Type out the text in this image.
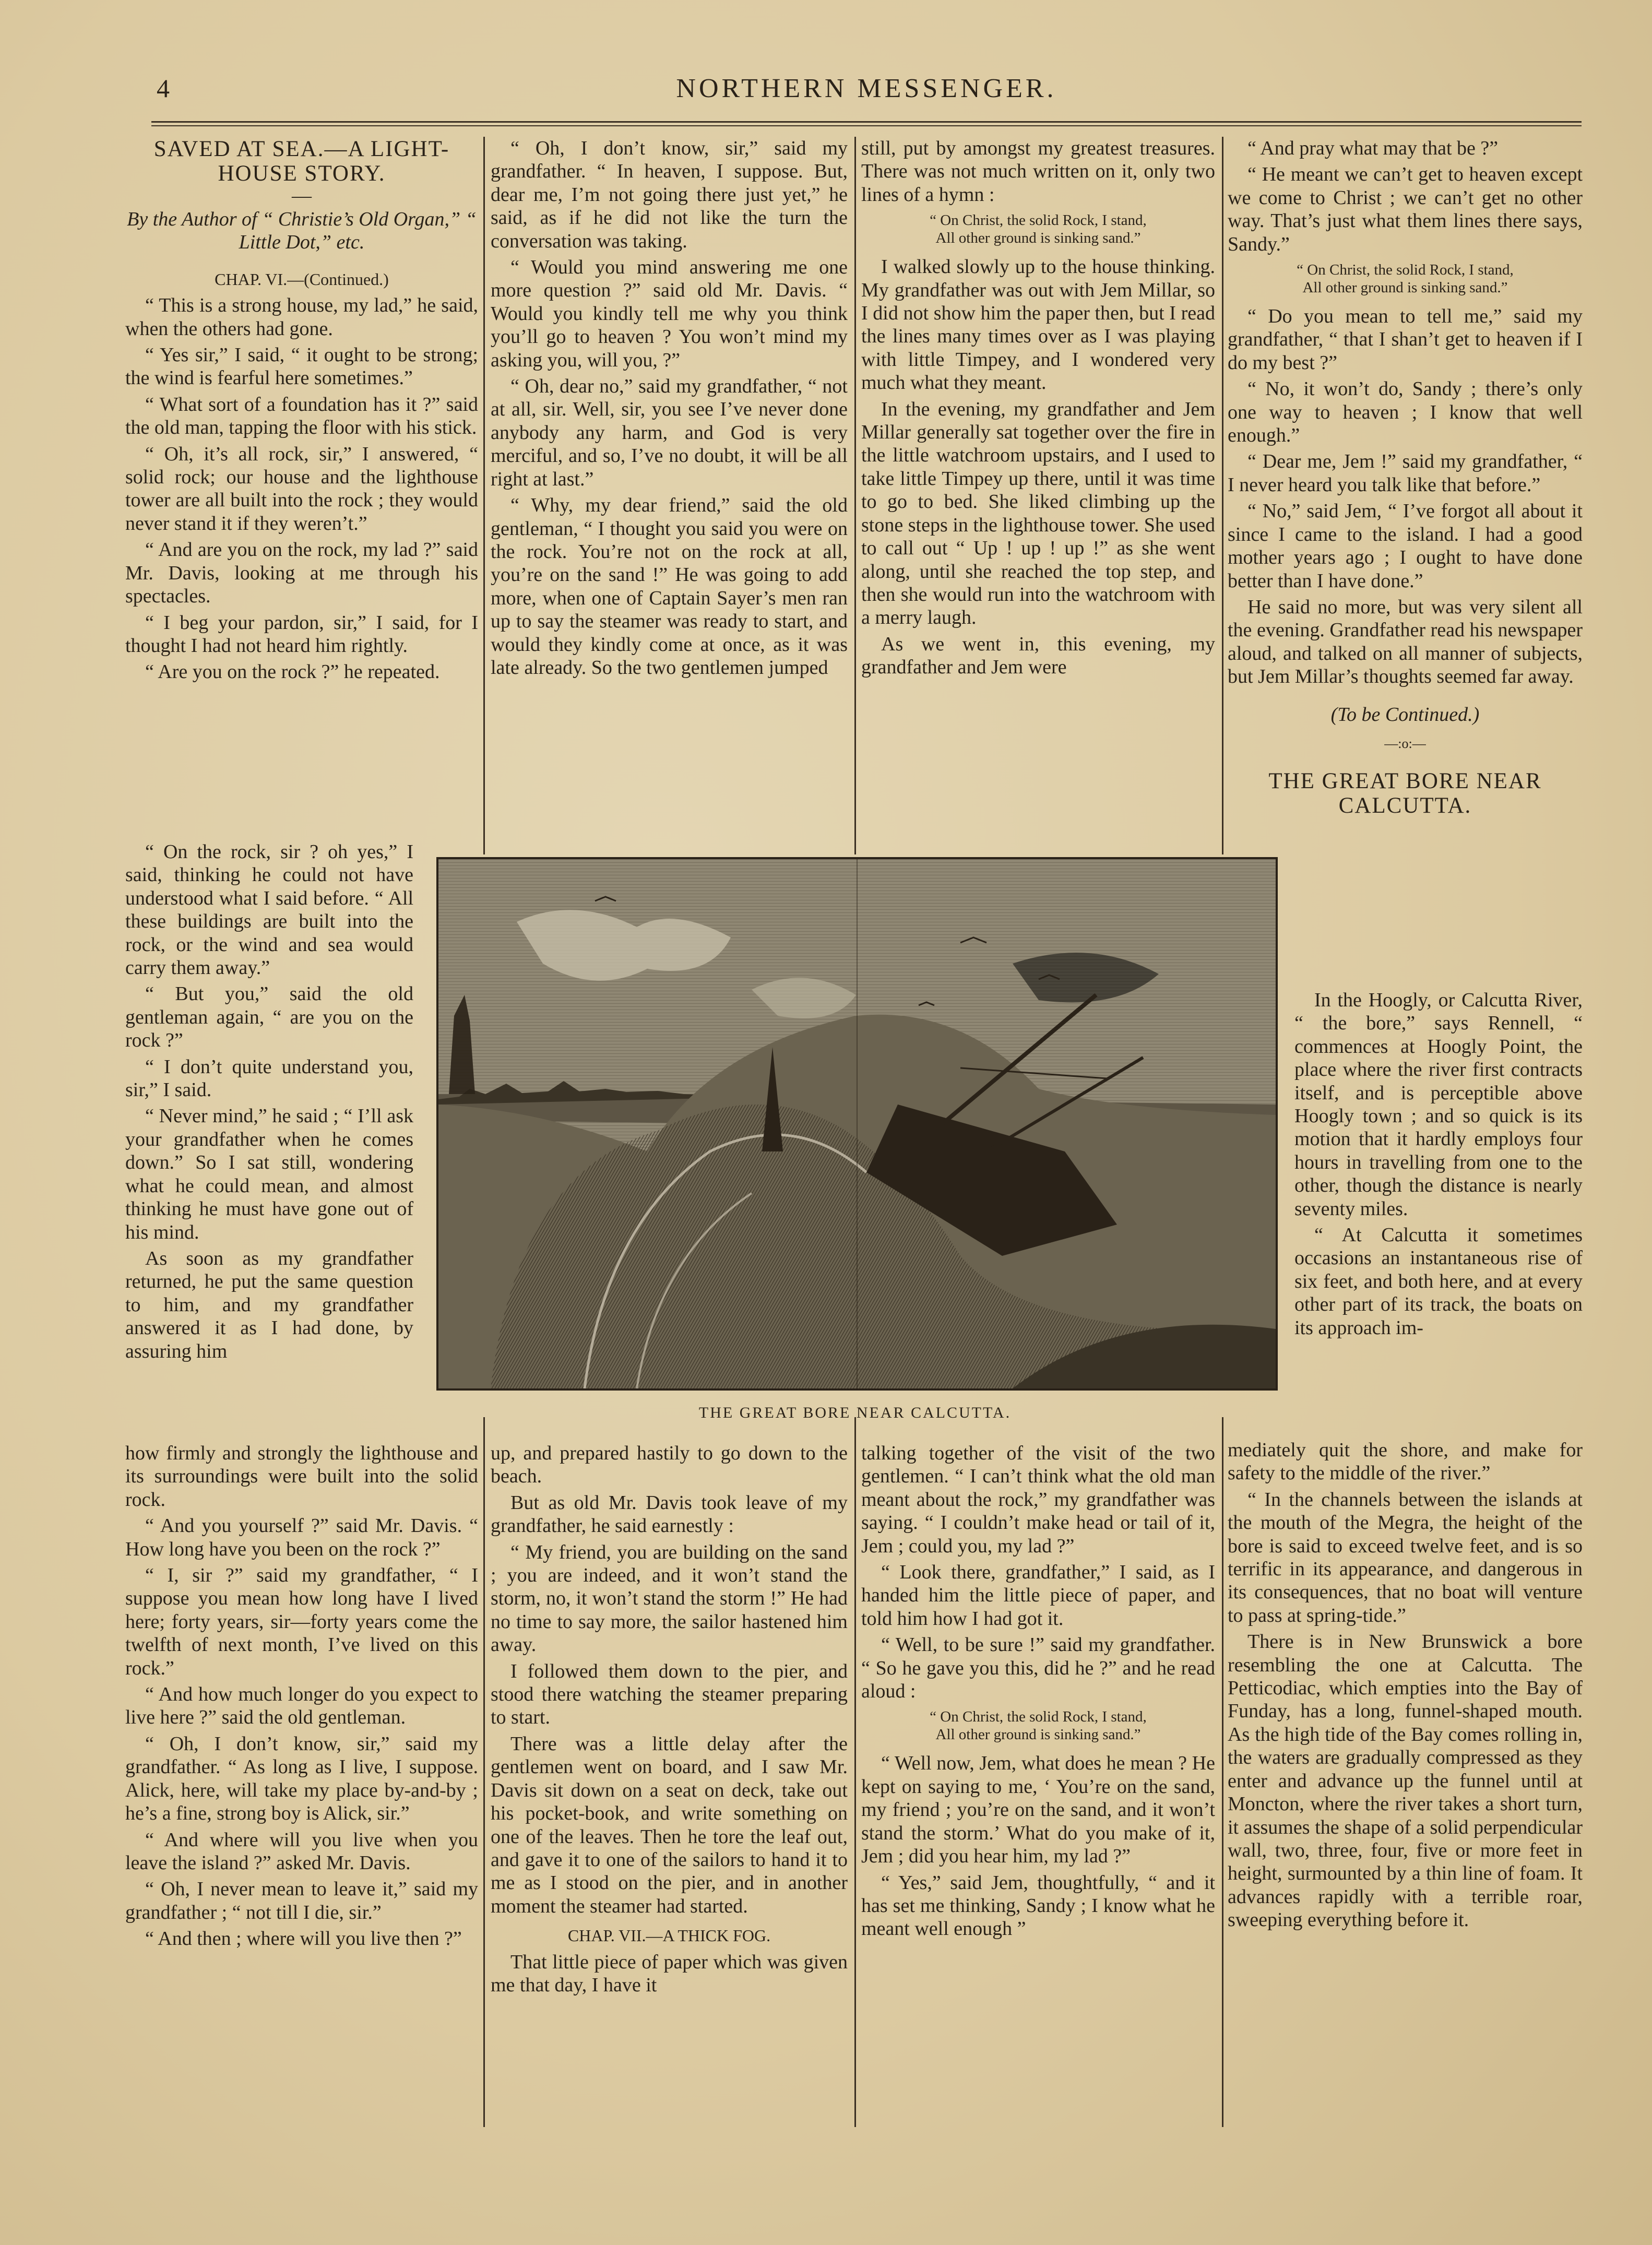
4	NORTHERN MESSENGER.

SAVED AT SEA.—A LIGHT-HOUSE STORY.

—

By the Author of “ Christie’s Old Organ,” “ Little Dot,” etc.

CHAP. VI.—(Continued.)

“ This is a strong house, my lad,” he said, when the others had gone.

“ Yes sir,” I said, “ it ought to be strong; the wind is fearful here sometimes.”

“ What sort of a foundation has it ?” said the old man, tapping the floor with his stick.

“ Oh, it’s all rock, sir,” I answered, “ solid rock; our house and the lighthouse tower are all built into the rock ; they would never stand it if they weren’t.”

“ And are you on the rock, my lad ?” said Mr. Davis, looking at me through his spectacles.

“ I beg your pardon, sir,” I said, for I thought I had not heard him rightly.

“ Are you on the rock ?” he repeated.

“ On the rock, sir ? oh yes,” I said, thinking he could not have understood what I said before. “ All these buildings are built into the rock, or the wind and sea would carry them away.”

“ But you,” said the old gentleman again, “ are you on the rock ?”

“ I don’t quite understand you, sir,” I said.

“ Never mind,” he said ; “ I’ll ask your grandfather when he comes down.” So I sat still, wondering what he could mean, and almost thinking he must have gone out of his mind.

As soon as my grandfather returned, he put the same question to him, and my grandfather answered it as I had done, by assuring him

how firmly and strongly the lighthouse and its surroundings were built into the solid rock.

“ And you yourself ?” said Mr. Davis. “ How long have you been on the rock ?”

“ I, sir ?” said my grandfather, “ I suppose you mean how long have I lived here; forty years, sir—forty years come the twelfth of next month, I’ve lived on this rock.”

“ And how much longer do you expect to live here ?” said the old gentleman.

“ Oh, I don’t know, sir,” said my grandfather. “ As long as I live, I suppose. Alick, here, will take my place by-and-by ; he’s a fine, strong boy is Alick, sir.”

“ And where will you live when you leave the island ?” asked Mr. Davis.

“ Oh, I never mean to leave it,” said my grandfather ; “ not till I die, sir.”

“ And then ; where will you live then ?”

“ Oh, I don’t know, sir,” said my grandfather. “ In heaven, I suppose. But, dear me, I’m not going there just yet,” he said, as if he did not like the turn the conversation was taking.

“ Would you mind answering me one more question ?” said old Mr. Davis. “ Would you kindly tell me why you think you’ll go to heaven ? You won’t mind my asking you, will you, ?”

“ Oh, dear no,” said my grandfather, “ not at all, sir. Well, sir, you see I’ve never done anybody any harm, and God is very merciful, and so, I’ve no doubt, it will be all right at last.”

“ Why, my dear friend,” said the old gentleman, “ I thought you said you were on the rock. You’re not on the rock at all, you’re on the sand !” He was going to add more, when one of Captain Sayer’s men ran up to say the steamer was ready to start, and would they kindly come at once, as it was late already. So the two gentlemen jumped

up, and prepared hastily to go down to the beach.

But as old Mr. Davis took leave of my grandfather, he said earnestly :

“ My friend, you are building on the sand ; you are indeed, and it won’t stand the storm, no, it won’t stand the storm !” He had no time to say more, the sailor hastened him away.

I followed them down to the pier, and stood there watching the steamer preparing to start.

There was a little delay after the gentlemen went on board, and I saw Mr. Davis sit down on a seat on deck, take out his pocket-book, and write something on one of the leaves. Then he tore the leaf out, and gave it to one of the sailors to hand it to me as I stood on the pier, and in another moment the steamer had started.

CHAP. VII.—A THICK FOG.

That little piece of paper which was given me that day, I have it

still, put by amongst my greatest treasures. There was not much written on it, only two lines of a hymn :

“ On Christ, the solid Rock, I stand,
All other ground is sinking sand.”

I walked slowly up to the house thinking. My grandfather was out with Jem Millar, so I did not show him the paper then, but I read the lines many times over as I was playing with little Timpey, and I wondered very much what they meant.

In the evening, my grandfather and Jem Millar generally sat together over the fire in the little watchroom upstairs, and I used to take little Timpey up there, until it was time to go to bed. She liked climbing up the stone steps in the lighthouse tower. She used to call out “ Up ! up ! up !” as she went along, until she reached the top step, and then she would run into the watchroom with a merry laugh.

As we went in, this evening, my grandfather and Jem were

talking together of the visit of the two gentlemen. “ I can’t think what the old man meant about the rock,” my grandfather was saying. “ I couldn’t make head or tail of it, Jem ; could you, my lad ?”

“ Look there, grandfather,” I said, as I handed him the little piece of paper, and told him how I had got it.

“ Well, to be sure !” said my grandfather. “ So he gave you this, did he ?” and he read aloud :

“ On Christ, the solid Rock, I stand,
All other ground is sinking sand.”

“ Well now, Jem, what does he mean ? He kept on saying to me, ‘ You’re on the sand, my friend ; you’re on the sand, and it won’t stand the storm.’ What do you make of it, Jem ; did you hear him, my lad ?”

“ Yes,” said Jem, thoughtfully, “ and it has set me thinking, Sandy ; I know what he meant well enough ”

“ And pray what may that be ?”

“ He meant we can’t get to heaven except we come to Christ ; we can’t get no other way. That’s just what them lines there says, Sandy.”

“ On Christ, the solid Rock, I stand,
All other ground is sinking sand.”

“ Do you mean to tell me,” said my grandfather, “ that I shan’t get to heaven if I do my best ?”

“ No, it won’t do, Sandy ; there’s only one way to heaven ; I know that well enough.”

“ Dear me, Jem !” said my grandfather, “ I never heard you talk like that before.”

“ No,” said Jem, “ I’ve forgot all about it since I came to the island. I had a good mother years ago ; I ought to have done better than I have done.”

He said no more, but was very silent all the evening. Grandfather read his newspaper aloud, and talked on all manner of subjects, but Jem Millar’s thoughts seemed far away.

(To be Continued.)

—:o:—

THE GREAT BORE NEAR CALCUTTA.

In the Hoogly, or Calcutta River, “ the bore,” says Rennell, “ commences at Hoogly Point, the place where the river first contracts itself, and is perceptible above Hoogly town ; and so quick is its motion that it hardly employs four hours in travelling from one to the other, though the distance is nearly seventy miles.

“ At Calcutta it sometimes occasions an instantaneous rise of six feet, and both here, and at every other part of its track, the boats on its approach im-

mediately quit the shore, and make for safety to the middle of the river.”

“ In the channels between the islands at the mouth of the Megra, the height of the bore is said to exceed twelve feet, and is so terrific in its appearance, and dangerous in its consequences, that no boat will venture to pass at spring-tide.”

There is in New Brunswick a bore resembling the one at Calcutta. The Petticodiac, which empties into the Bay of Funday, has a long, funnel-shaped mouth. As the high tide of the Bay comes rolling in, the waters are gradually compressed as they enter and advance up the funnel until at Moncton, where the river takes a short turn, it assumes the shape of a solid perpendicular wall, two, three, four, five or more feet in height, surmounted by a thin line of foam. It advances rapidly with a terrible roar, sweeping everything before it.

THE GREAT BORE NEAR CALCUTTA.
